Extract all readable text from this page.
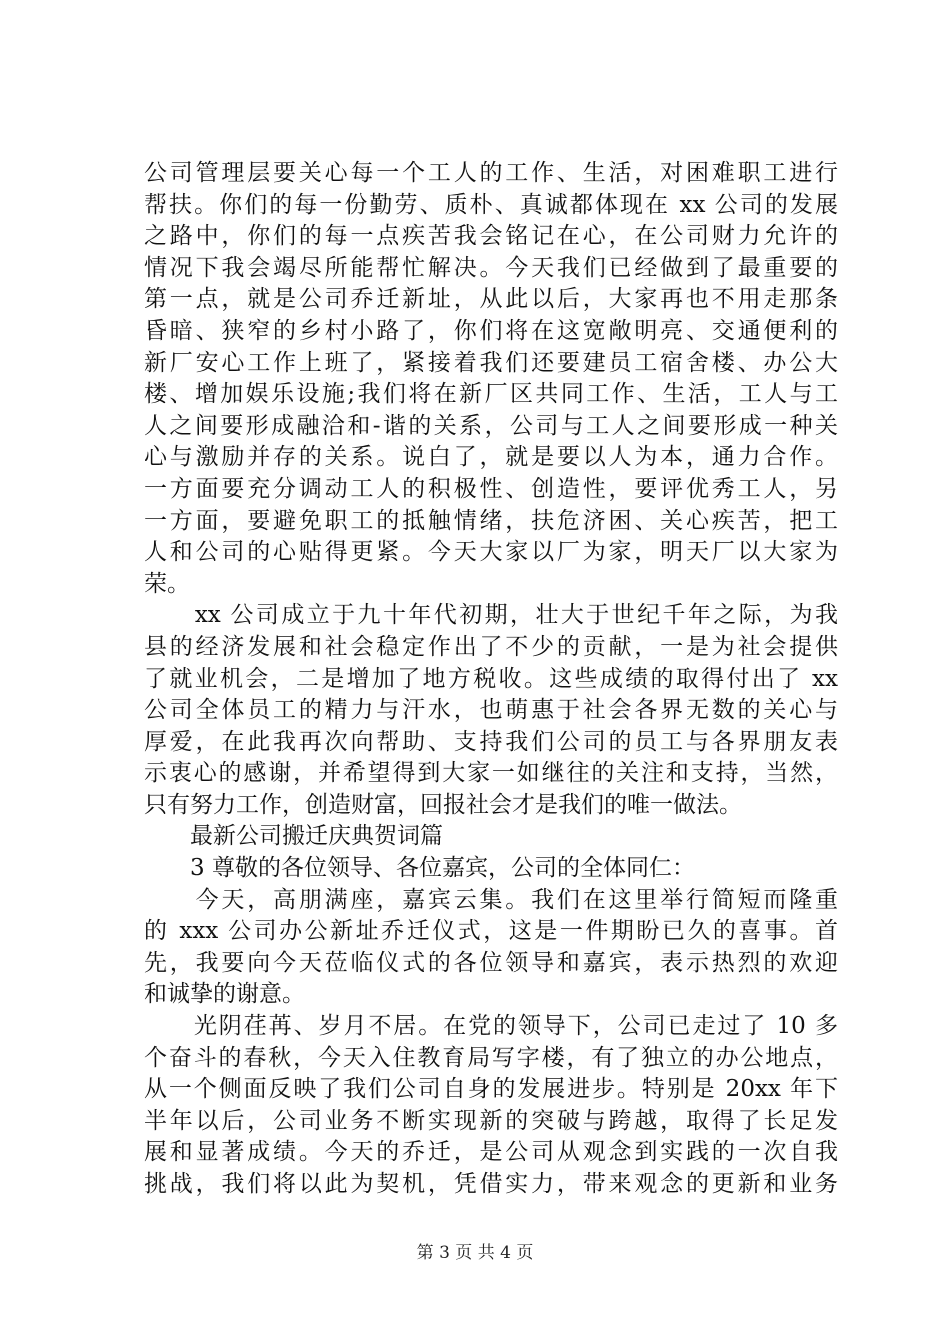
公司管理层要关心每一个工人的工作、生活，对困难职工进行
帮扶。你们的每一份勤劳、质朴、真诚都体现在 xx 公司的发展
之路中，你们的每一点疾苦我会铭记在心，在公司财力允许的
情况下我会竭尽所能帮忙解决。今天我们已经做到了最重要的
第一点，就是公司乔迁新址，从此以后，大家再也不用走那条
昏暗、狭窄的乡村小路了，你们将在这宽敞明亮、交通便利的
新厂安心工作上班了，紧接着我们还要建员工宿舍楼、办公大
楼、增加娱乐设施;我们将在新厂区共同工作、生活，工人与工
人之间要形成融洽和-谐的关系，公司与工人之间要形成一种关
心与激励并存的关系。说白了，就是要以人为本，通力合作。
一方面要充分调动工人的积极性、创造性，要评优秀工人，另
一方面，要避免职工的抵触情绪，扶危济困、关心疾苦，把工
人和公司的心贴得更紧。今天大家以厂为家，明天厂以大家为
荣。
　　xx 公司成立于九十年代初期，壮大于世纪千年之际，为我
县的经济发展和社会稳定作出了不少的贡献，一是为社会提供
了就业机会，二是增加了地方税收。这些成绩的取得付出了 xx
公司全体员工的精力与汗水，也萌惠于社会各界无数的关心与
厚爱，在此我再次向帮助、支持我们公司的员工与各界朋友表
示衷心的感谢，并希望得到大家一如继往的关注和支持，当然，
只有努力工作，创造财富，回报社会才是我们的唯一做法。
　　最新公司搬迁庆典贺词篇
　　3 尊敬的各位领导、各位嘉宾，公司的全体同仁：
　　今天，高朋满座，嘉宾云集。我们在这里举行简短而隆重
的 xxx 公司办公新址乔迁仪式，这是一件期盼已久的喜事。首
先，我要向今天莅临仪式的各位领导和嘉宾，表示热烈的欢迎
和诚挚的谢意。
　　光阴荏苒、岁月不居。在党的领导下，公司已走过了 10 多
个奋斗的春秋，今天入住教育局写字楼，有了独立的办公地点，
从一个侧面反映了我们公司自身的发展进步。特别是 20xx 年下
半年以后，公司业务不断实现新的突破与跨越，取得了长足发
展和显著成绩。今天的乔迁，是公司从观念到实践的一次自我
挑战，我们将以此为契机，凭借实力，带来观念的更新和业务
第 3 页 共 4 页
